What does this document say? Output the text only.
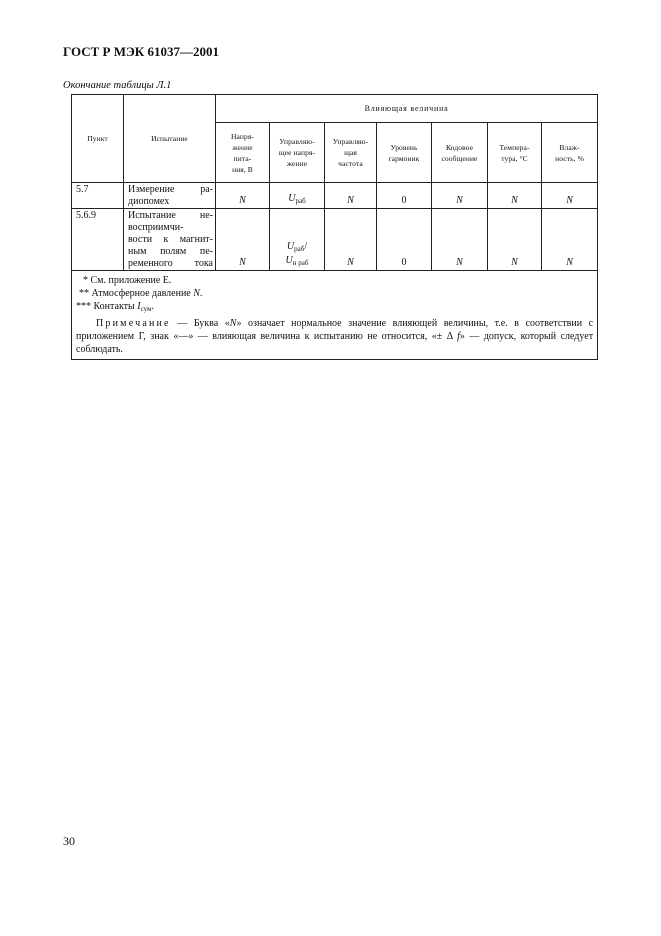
ГОСТ Р МЭК 61037—2001
Окончание таблицы Л.1
Пункт	Испытание	Влияющая величина						
		Напря-
жение
пита-
ния, В	Управляю-
щее напря-
жение	Управляю-
щая
частота	Уровень
гармоник	Кодовое
сообщение	Темпера-
тура, °С	Влаж-
ность, %
5.7	Измерение ра-
диопомех	N	$U_{раб}$	N	0	N	N	N
5.6.9	Испытание не-
восприимчи-
вости к магнит-
ным полям пе-
ременного тока	N	$U_{раб}/$
$U_{н раб}$	N	0	N	N	N

* См. приложение Е.
** Атмосферное давление N.
*** Контакты $I_{сум}$.
Примечание — Буква «N» означает нормальное значение влияющей величины, т.е. в соответствии с приложением Г, знак «—» — влияющая величина к испытанию не относится, «± Δ f» — допуск, который следует соблюдать.								
30
